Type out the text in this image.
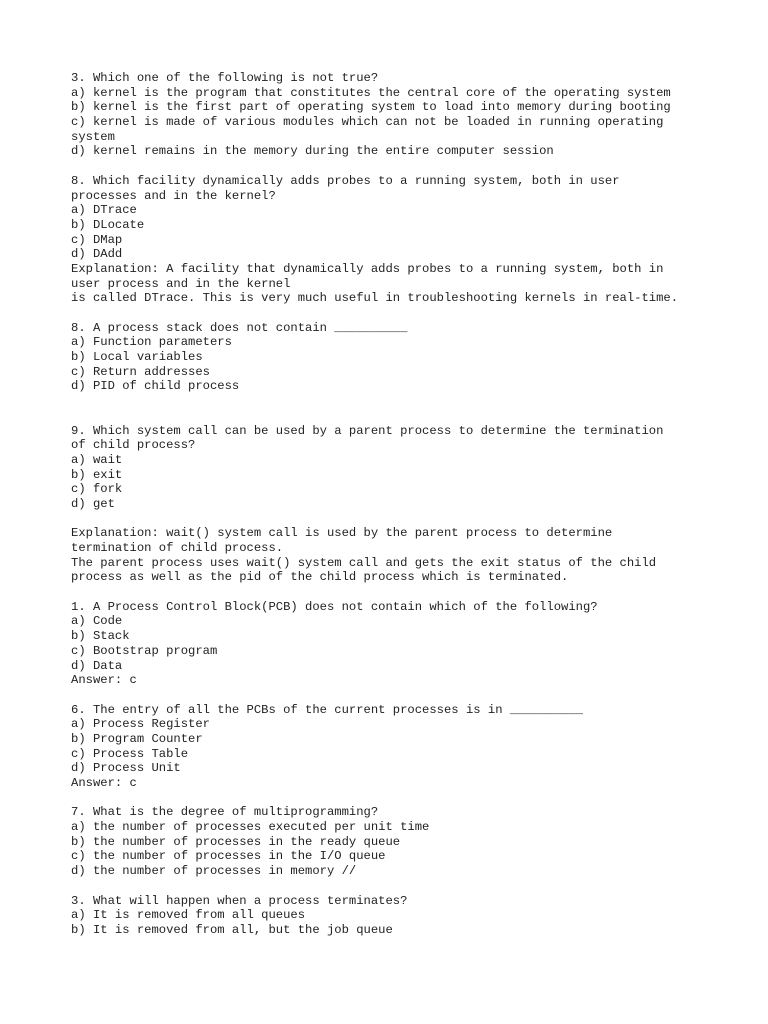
3. Which one of the following is not true?
a) kernel is the program that constitutes the central core of the operating system
b) kernel is the first part of operating system to load into memory during booting
c) kernel is made of various modules which can not be loaded in running operating
system
d) kernel remains in the memory during the entire computer session
8. Which facility dynamically adds probes to a running system, both in user
processes and in the kernel?
a) DTrace
b) DLocate
c) DMap
d) DAdd
Explanation: A facility that dynamically adds probes to a running system, both in
user process and in the kernel
is called DTrace. This is very much useful in troubleshooting kernels in real-time.
8. A process stack does not contain __________
a) Function parameters
b) Local variables
c) Return addresses
d) PID of child process
9. Which system call can be used by a parent process to determine the termination
of child process?
a) wait
b) exit
c) fork
d) get
Explanation: wait() system call is used by the parent process to determine
termination of child process.
The parent process uses wait() system call and gets the exit status of the child
process as well as the pid of the child process which is terminated.
1. A Process Control Block(PCB) does not contain which of the following?
a) Code
b) Stack
c) Bootstrap program
d) Data
Answer: c
6. The entry of all the PCBs of the current processes is in __________
a) Process Register
b) Program Counter
c) Process Table
d) Process Unit
Answer: c
7. What is the degree of multiprogramming?
a) the number of processes executed per unit time
b) the number of processes in the ready queue
c) the number of processes in the I/O queue
d) the number of processes in memory //
3. What will happen when a process terminates?
a) It is removed from all queues
b) It is removed from all, but the job queue
